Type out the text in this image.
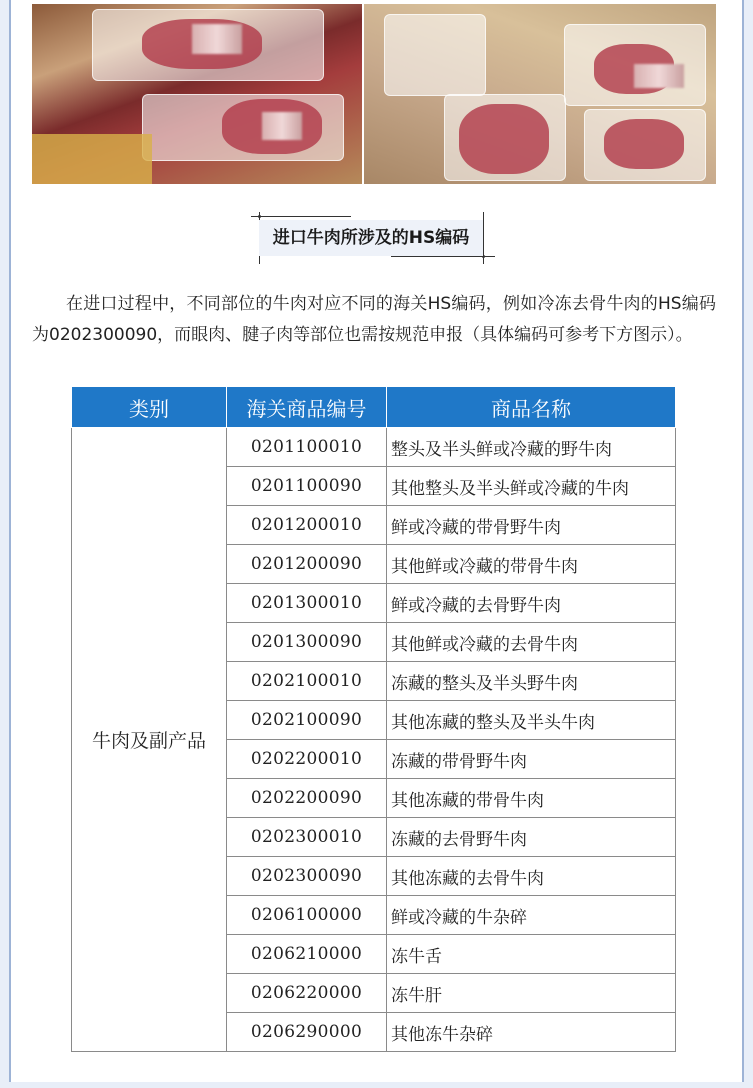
进口牛肉所涉及的HS编码
在进口过程中，不同部位的牛肉对应不同的海关HS编码，例如冷冻去骨牛肉的HS编码为0202300090，而眼肉、腱子肉等部位也需按规范申报（具体编码可参考下方图示）。
类别	海关商品编号	商品名称
牛肉及副产品	0201100010	整头及半头鲜或冷藏的野牛肉
	0201100090	其他整头及半头鲜或冷藏的牛肉
	0201200010	鲜或冷藏的带骨野牛肉
	0201200090	其他鲜或冷藏的带骨牛肉
	0201300010	鲜或冷藏的去骨野牛肉
	0201300090	其他鲜或冷藏的去骨牛肉
	0202100010	冻藏的整头及半头野牛肉
	0202100090	其他冻藏的整头及半头牛肉
	0202200010	冻藏的带骨野牛肉
	0202200090	其他冻藏的带骨牛肉
	0202300010	冻藏的去骨野牛肉
	0202300090	其他冻藏的去骨牛肉
	0206100000	鲜或冷藏的牛杂碎
	0206210000	冻牛舌
	0206220000	冻牛肝
	0206290000	其他冻牛杂碎
